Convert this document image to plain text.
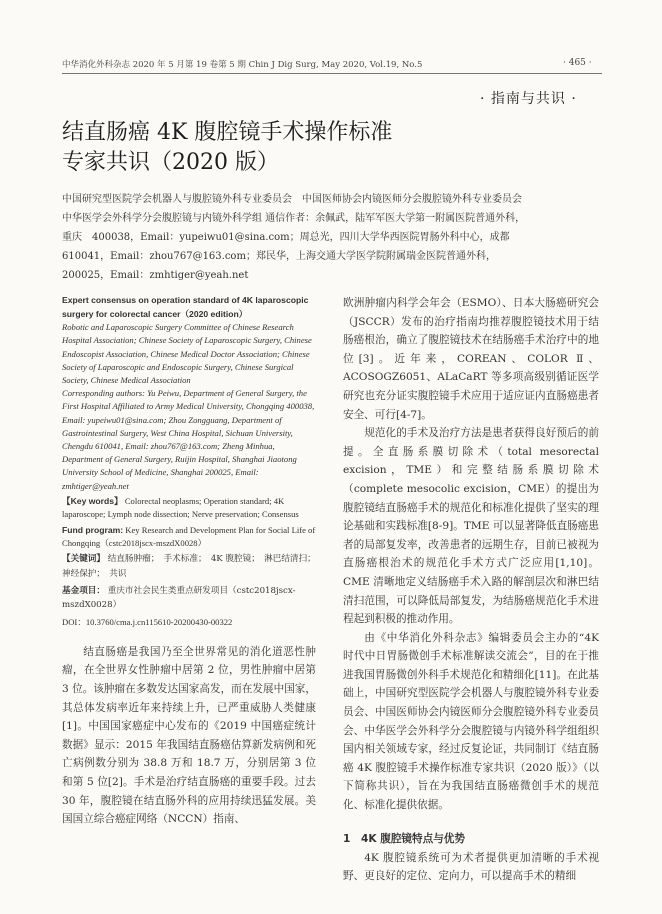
中华消化外科杂志 2020 年 5 月第 19 卷第 5 期 Chin J Dig Surg, May 2020, Vol.19, No.5	· 465 ·
· 指南与共识 ·
结直肠癌 4K 腹腔镜手术操作标准
专家共识（2020 版）
中国研究型医院学会机器人与腹腔镜外科专业委员会　中国医师协会内镜医师分会腹腔镜外科专业委员会　中华医学会外科学分会腹腔镜与内镜外科学组 通信作者：余佩武，陆军军医大学第一附属医院普通外科，重庆　400038，Email：yupeiwu01@sina.com；周总光，四川大学华西医院胃肠外科中心，成都　610041，Email：zhou767@163.com；郑民华，上海交通大学医学院附属瑞金医院普通外科，200025，Email：zmhtiger@yeah.net
Expert consensus on operation standard of 4K laparoscopic surgery for colorectal cancer（2020 edition）
Robotic and Laparoscopic Surgery Committee of Chinese Research Hospital Association; Chinese Society of Laparoscopic Surgery, Chinese Endoscopist Association, Chinese Medical Doctor Association; Chinese Society of Laparoscopic and Endoscopic Surgery, Chinese Surgical Society, Chinese Medical Association
Corresponding authors: Yu Peiwu, Department of General Surgery, the First Hospital Affiliated to Army Medical University, Chongqing 400038, Email: yupeiwu01@sina.com; Zhou Zongguang, Department of Gastrointestinal Surgery, West China Hospital, Sichuan University, Chengdu 610041, Email: zhou767@163.com; Zheng Minhua, Department of General Surgery, Ruijin Hospital, Shanghai Jiaotong University School of Medicine, Shanghai 200025, Email: zmhtiger@yeah.net
【Key words】 Colorectal neoplasms; Operation standard; 4K laparoscope; Lymph node dissection; Nerve preservation; Consensus
Fund program: Key Research and Development Plan for Social Life of Chongqing（cstc2018jscx-mszdX0028）
【关键词】 结直肠肿瘤；　手术标准；　4K 腹腔镜；　淋巴结清扫；　神经保护；　共识
基金项目： 重庆市社会民生类重点研发项目（cstc2018jscx-mszdX0028）
DOI：10.3760/cma.j.cn115610-20200430-00322

结直肠癌是我国乃至全世界常见的消化道恶性肿瘤，在全世界女性肿瘤中居第 2 位，男性肿瘤中居第 3 位。该肿瘤在多数发达国家高发，而在发展中国家，其总体发病率近年来持续上升，已严重威胁人类健康[1]。中国国家癌症中心发布的《2019 中国癌症统计数据》显示：2015 年我国结直肠癌估算新发病例和死亡病例数分别为 38.8 万和 18.7 万，分别居第 3 位和第 5 位[2]。手术是治疗结直肠癌的重要手段。过去 30 年，腹腔镜在结直肠外科的应用持续迅猛发展。美国国立综合癌症网络（NCCN）指南、

欧洲肿瘤内科学会年会（ESMO）、日本大肠癌研究会（JSCCR）发布的治疗指南均推荐腹腔镜技术用于结肠癌根治，确立了腹腔镜技术在结肠癌手术治疗中的地位[3]。近年来，COREAN、COLOR Ⅱ、ACOSOGZ6051、ALaCaRT 等多项高级别循证医学研究也充分证实腹腔镜手术应用于适应证内直肠癌患者安全、可行[4-7]。

规范化的手术及治疗方法是患者获得良好预后的前提。全直肠系膜切除术（total mesorectal excision，TME）和完整结肠系膜切除术（complete mesocolic excision，CME）的提出为腹腔镜结直肠癌手术的规范化和标准化提供了坚实的理论基础和实践标准[8-9]。TME 可以显著降低直肠癌患者的局部复发率，改善患者的远期生存，目前已被视为直肠癌根治术的规范化手术方式广泛应用[1,10]。CME 清晰地定义结肠癌手术入路的解剖层次和淋巴结清扫范围，可以降低局部复发，为结肠癌规范化手术进程起到积极的推动作用。

由《中华消化外科杂志》编辑委员会主办的“4K 时代中日胃肠微创手术标准解读交流会”，目的在于推进我国胃肠微创外科手术规范化和精细化[11]。在此基础上，中国研究型医院学会机器人与腹腔镜外科专业委员会、中国医师协会内镜医师分会腹腔镜外科专业委员会、中华医学会外科学分会腹腔镜与内镜外科学组组织国内相关领域专家，经过反复论证，共同制订《结直肠癌 4K 腹腔镜手术操作标准专家共识（2020 版）》（以下简称共识），旨在为我国结直肠癌微创手术的规范化、标准化提供依据。

1　4K 腹腔镜特点与优势

4K 腹腔镜系统可为术者提供更加清晰的手术视野、更良好的定位、定向力，可以提高手术的精细
